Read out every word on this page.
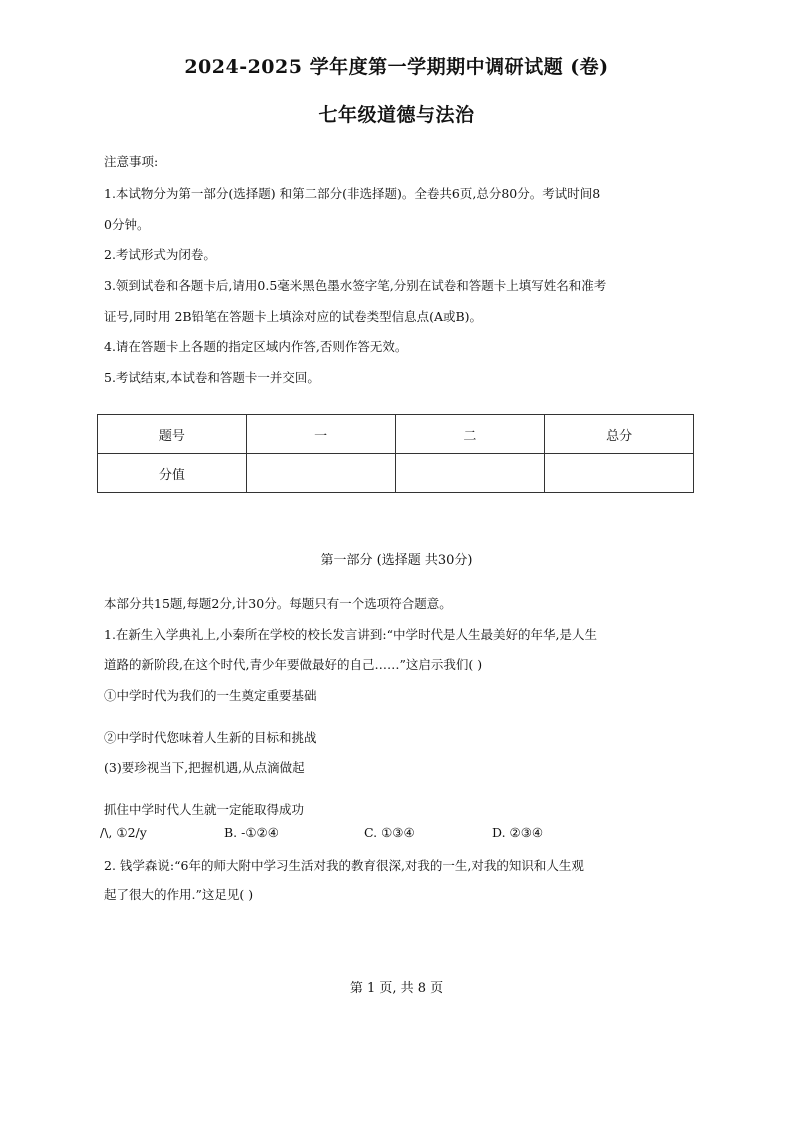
2024-2025 学年度第一学期期中调研试题 (卷)
七年级道德与法治
注意事项:
1.本试物分为第一部分(选择题) 和第二部分(非选择题)。全卷共6页,总分80分。考试时间8
0分钟。
2.考试形式为闭卷。
3.领到试卷和各题卡后,请用0.5毫米黑色墨水签字笔,分别在试卷和答题卡上填写姓名和准考
证号,同时用 2B铅笔在答题卡上填涂对应的试卷类型信息点(A或B)。
4.请在答题卡上各题的指定区域内作答,否则作答无效。
5.考试结束,本试卷和答题卡一并交回。
题号	一	二	总分
分值			
第一部分 (选择题 共30分)
本部分共15题,每题2分,计30分。每题只有一个选项符合题意。
1.在新生入学典礼上,小秦所在学校的校长发言讲到:“中学时代是人生最美好的年华,是人生
道路的新阶段,在这个时代,青少年要做最好的自己……”这启示我们( )
①中学时代为我们的一生奠定重要基础
②中学时代您味着人生新的目标和挑战
(3)要珍视当下,把握机遇,从点滴做起
抓住中学时代人生就一定能取得成功
/\, ①2/y	B. -①②④	C. ①③④	D. ②③④
2. 钱学森说:“6年的师大附中学习生活对我的教育很深,对我的一生,对我的知识和人生观
起了很大的作用.”这足见( )
第 1 页, 共 8 页
